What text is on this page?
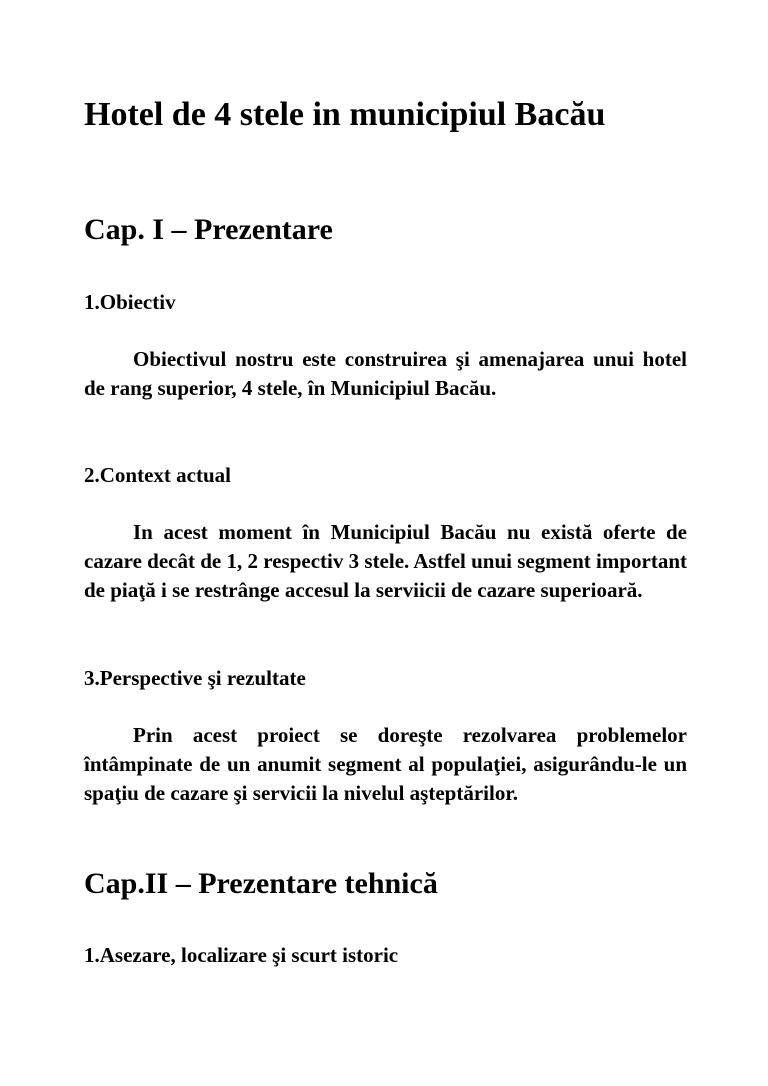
Hotel de 4 stele in municipiul Bacău
Cap. I – Prezentare
1.Obiectiv

Obiectivul nostru este construirea şi amenajarea unui hotel de rang superior, 4 stele, în Municipiul Bacău.

2.Context actual

In acest moment în Municipiul Bacău nu există oferte de cazare decât de 1, 2 respectiv 3 stele. Astfel unui segment important de piaţă i se restrânge accesul la serviicii de cazare superioară.

3.Perspective şi rezultate

Prin acest proiect se doreşte rezolvarea problemelor întâmpinate de un anumit segment al populaţiei, asigurându-le un spaţiu de cazare şi servicii la nivelul aşteptărilor.

Cap.II – Prezentare tehnică
1.Asezare, localizare şi scurt istoric
